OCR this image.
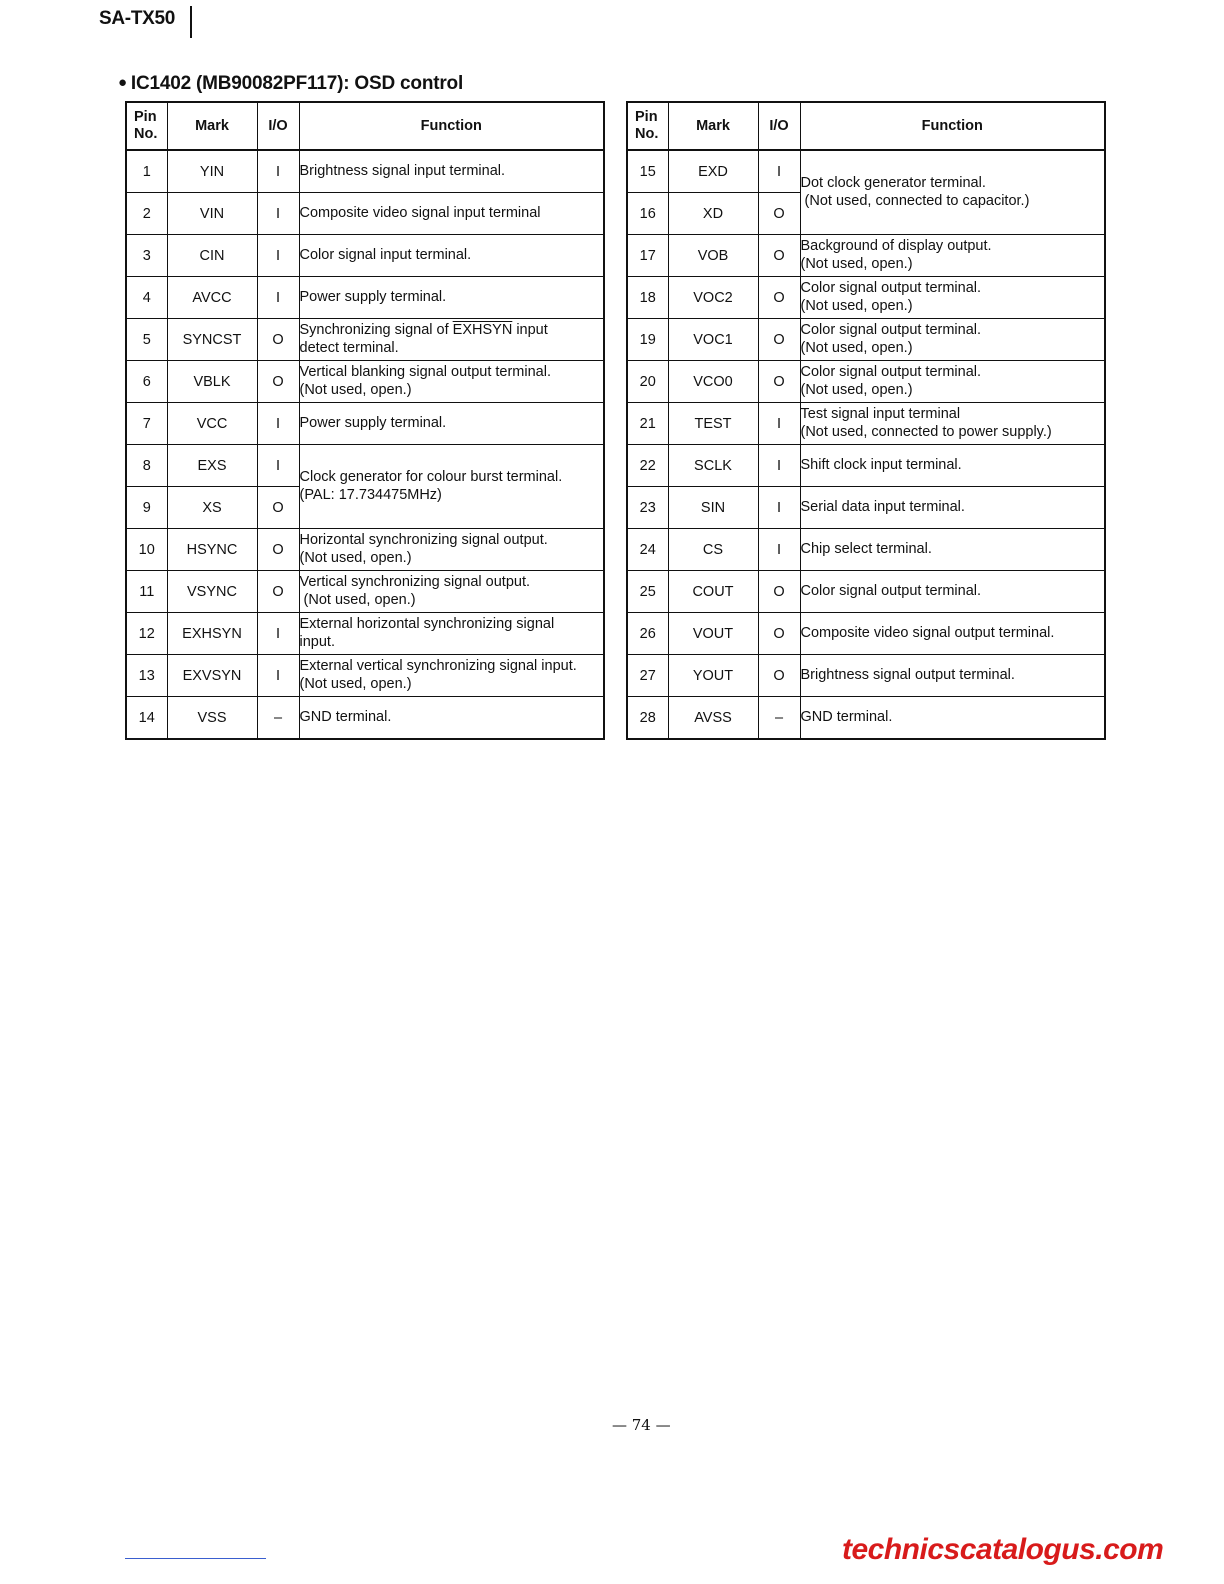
SA-TX50
● IC1402 (MB90082PF117): OSD control
Pin
No.	Mark	I/O	Function
1	YIN	I	Brightness signal input terminal.
2	VIN	I	Composite video signal input terminal
3	CIN	I	Color signal input terminal.
4	AVCC	I	Power supply terminal.
5	SYNCST	O	Synchronizing signal of EXHSYN input
detect terminal.
6	VBLK	O	Vertical blanking signal output terminal.
(Not used, open.)
7	VCC	I	Power supply terminal.
8	EXS	I	Clock generator for colour burst terminal.
(PAL: 17.734475MHz)
9	XS	O	
10	HSYNC	O	Horizontal synchronizing signal output.
(Not used, open.)
11	VSYNC	O	Vertical synchronizing signal output.
(Not used, open.)
12	EXHSYN	I	External horizontal synchronizing signal
input.
13	EXVSYN	I	External vertical synchronizing signal input.
(Not used, open.)
14	VSS	–	GND terminal.
Pin
No.	Mark	I/O	Function
15	EXD	I	Dot clock generator terminal.
(Not used, connected to capacitor.)
16	XD	O	
17	VOB	O	Background of display output.
(Not used, open.)
18	VOC2	O	Color signal output terminal.
(Not used, open.)
19	VOC1	O	Color signal output terminal.
(Not used, open.)
20	VCO0	O	Color signal output terminal.
(Not used, open.)
21	TEST	I	Test signal input terminal
(Not used, connected to power supply.)
22	SCLK	I	Shift clock input terminal.
23	SIN	I	Serial data input terminal.
24	CS	I	Chip select terminal.
25	COUT	O	Color signal output terminal.
26	VOUT	O	Composite video signal output terminal.
27	YOUT	O	Brightness signal output terminal.
28	AVSS	–	GND terminal.
— 74 —
technicscatalogus.com
